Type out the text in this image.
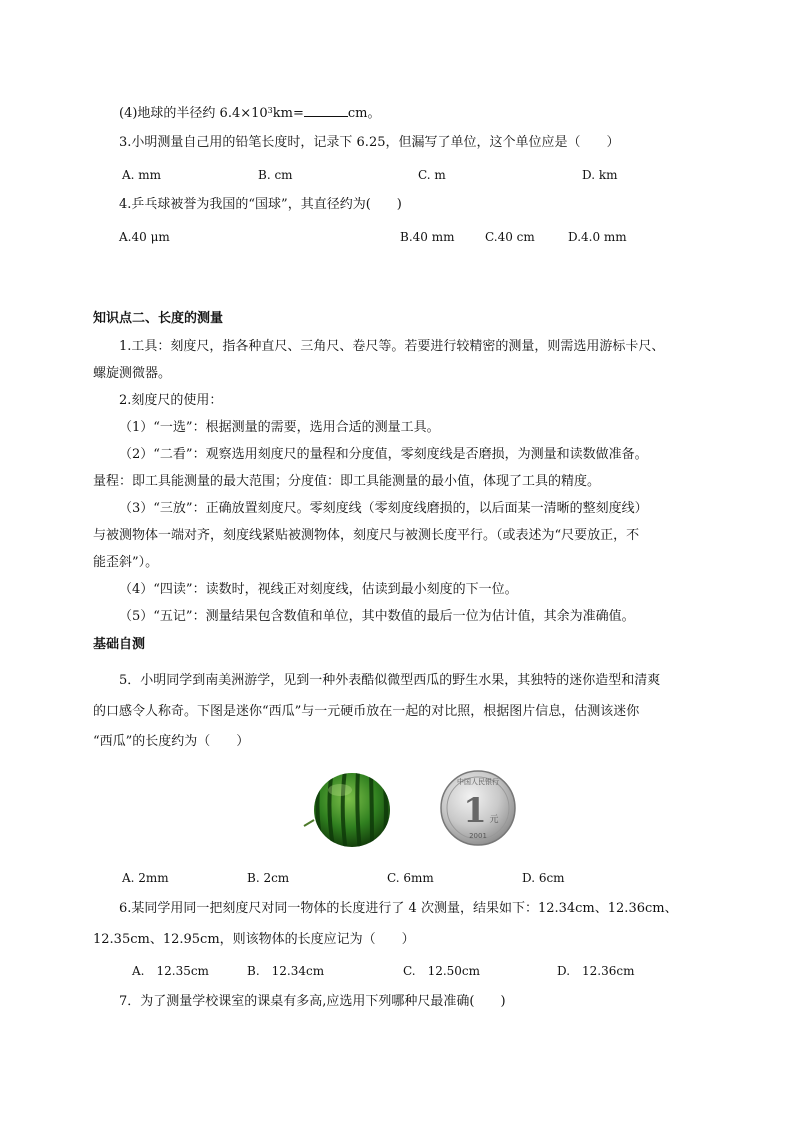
(4)地球的半径约 $6.4\times 10^3km=$	cm。
3.小明测量自己用的铅笔长度时，记录下 6.25，但漏写了单位，这个单位应是（　　）
A. mm	B. cm	C. m	D. km
4.乒乓球被誉为我国的“国球”，其直径约为(　　)
A.40 μm	B.40 mm	C.40 cm	D.4.0 mm
知识点二、长度的测量
1.工具：刻度尺，指各种直尺、三角尺、卷尺等。若要进行较精密的测量，则需选用游标卡尺、
螺旋测微器。
2.刻度尺的使用：
（1）“一选”：根据测量的需要，选用合适的测量工具。
（2）“二看”：观察选用刻度尺的量程和分度值，零刻度线是否磨损，为测量和读数做准备。
量程：即工具能测量的最大范围；分度值：即工具能测量的最小值，体现了工具的精度。
（3）“三放”：正确放置刻度尺。零刻度线（零刻度线磨损的，以后面某一清晰的整刻度线）
与被测物体一端对齐，刻度线紧贴被测物体，刻度尺与被测长度平行。（或表述为“尺要放正，不
能歪斜”）。
（4）“四读”：读数时，视线正对刻度线，估读到最小刻度的下一位。
（5）“五记”：测量结果包含数值和单位，其中数值的最后一位为估计值，其余为准确值。
基础自测
5．小明同学到南美洲游学，见到一种外表酷似微型西瓜的野生水果，其独特的迷你造型和清爽
的口感令人称奇。下图是迷你“西瓜”与一元硬币放在一起的对比照，根据图片信息，估测该迷你
“西瓜”的长度约为（　　）
中国人民银行
1 元
2001
A. 2mm	B. 2cm	C. 6mm	D. 6cm
6.某同学用同一把刻度尺对同一物体的长度进行了 4 次测量，结果如下：12.34cm、12.36cm、
12.35cm、12.95cm，则该物体的长度应记为（　　）
A.　12.35cm	B.　12.34cm	C.　12.50cm	D.　12.36cm
7．为了测量学校课室的课桌有多高,应选用下列哪种尺最准确(　　)
